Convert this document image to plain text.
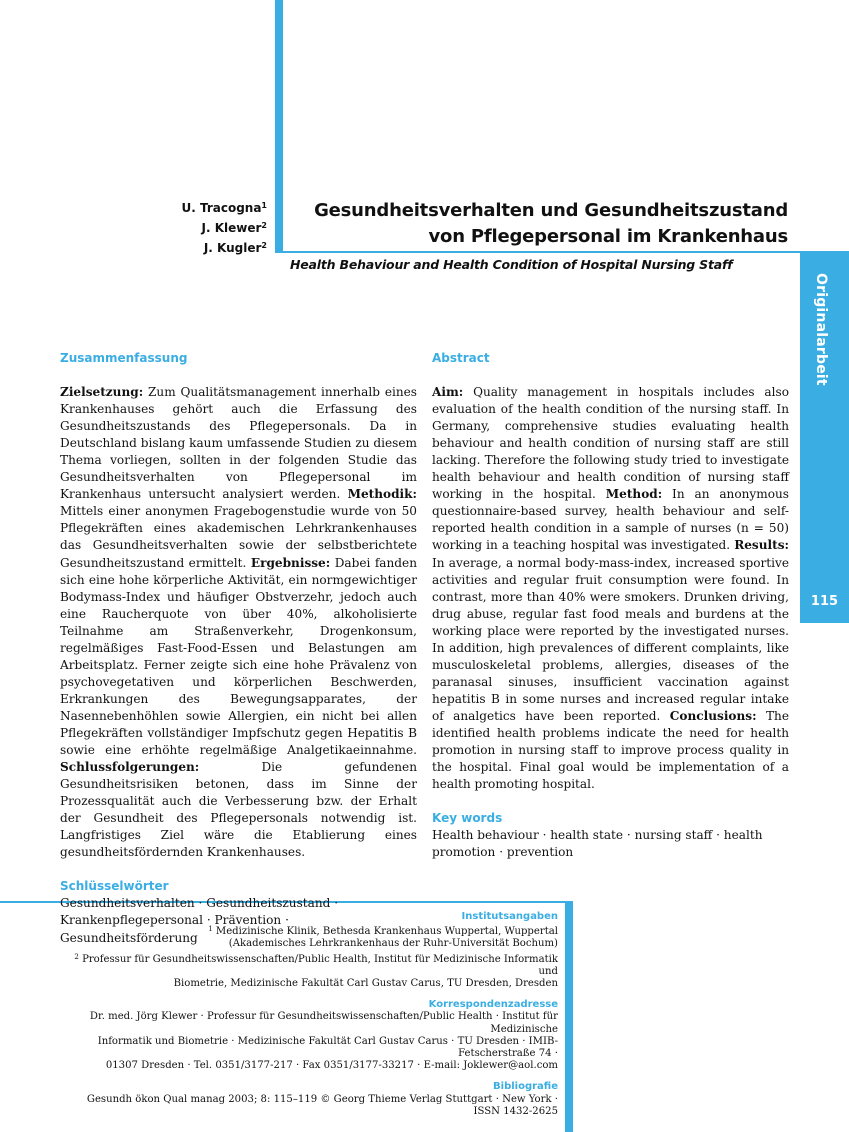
Originalarbeit
115
U. Tracogna$^1$
J. Klewer$^2$
J. Kugler$^2$
Gesundheitsverhalten und Gesundheitszustand
von Pflegepersonal im Krankenhaus
Health Behaviour and Health Condition of Hospital Nursing Staff
Zusammenfassung

Zielsetzung: Zum Qualitätsmanagement innerhalb eines Krankenhauses gehört auch die Erfassung des Gesundheitszustands des Pflegepersonals. Da in Deutschland bislang kaum umfassende Studien zu diesem Thema vorliegen, sollten in der folgenden Studie das Gesundheitsverhalten von Pflegepersonal im Krankenhaus untersucht analysiert werden. Methodik: Mittels einer anonymen Fragebogenstudie wurde von 50 Pflegekräften eines akademischen Lehrkrankenhauses das Gesundheitsverhalten sowie der selbstberichtete Gesundheitszustand ermittelt. Ergebnisse: Dabei fanden sich eine hohe körperliche Aktivität, ein normgewichtiger Bodymass-Index und häufiger Obstverzehr, jedoch auch eine Raucherquote von über 40%, alkoholisierte Teilnahme am Straßenverkehr, Drogenkonsum, regelmäßiges Fast-Food-Essen und Belastungen am Arbeitsplatz. Ferner zeigte sich eine hohe Prävalenz von psychovegetativen und körperlichen Beschwerden, Erkrankungen des Bewegungsapparates, der Nasennebenhöhlen sowie Allergien, ein nicht bei allen Pflegekräften vollständiger Impfschutz gegen Hepatitis B sowie eine erhöhte regelmäßige Analgetikaeinnahme. Schlussfolgerungen: Die gefundenen Gesundheitsrisiken betonen, dass im Sinne der Prozessqualität auch die Verbesserung bzw. der Erhalt der Gesundheit des Pflegepersonals notwendig ist. Langfristiges Ziel wäre die Etablierung eines gesundheitsfördernden Krankenhauses.

Schlüsselwörter

Gesundheitsverhalten · Gesundheitszustand · Krankenpflegepersonal · Prävention · Gesundheitsförderung

Abstract

Aim: Quality management in hospitals includes also evaluation of the health condition of the nursing staff. In Germany, comprehensive studies evaluating health behaviour and health condition of nursing staff are still lacking. Therefore the following study tried to investigate health behaviour and health condition of nursing staff working in the hospital. Method: In an anonymous questionnaire-based survey, health behaviour and self-reported health condition in a sample of nurses (n = 50) working in a teaching hospital was investigated. Results: In average, a normal body-mass-index, increased sportive activities and regular fruit consumption were found. In contrast, more than 40% were smokers. Drunken driving, drug abuse, regular fast food meals and burdens at the working place were reported by the investigated nurses. In addition, high prevalences of different complaints, like musculoskeletal problems, allergies, diseases of the paranasal sinuses, insufficient vaccination against hepatitis B in some nurses and increased regular intake of analgetics have been reported. Conclusions: The identified health problems indicate the need for health promotion in nursing staff to improve process quality in the hospital. Final goal would be implementation of a health promoting hospital.

Key words

Health behaviour · health state · nursing staff · health promotion · prevention

Institutsangaben
$^1$ Medizinische Klinik, Bethesda Krankenhaus Wuppertal, Wuppertal
(Akademisches Lehrkrankenhaus der Ruhr-Universität Bochum)
$^2$ Professur für Gesundheitswissenschaften/Public Health, Institut für Medizinische Informatik und
Biometrie, Medizinische Fakultät Carl Gustav Carus, TU Dresden, Dresden
Korrespondenzadresse
Dr. med. Jörg Klewer · Professur für Gesundheitswissenschaften/Public Health · Institut für Medizinische
Informatik und Biometrie · Medizinische Fakultät Carl Gustav Carus · TU Dresden · IMIB-Fetscherstraße 74 ·
01307 Dresden · Tel. 0351/3177-217 · Fax 0351/3177-33217 · E-mail: Joklewer@aol.com
Bibliografie
Gesundh ökon Qual manag 2003; 8: 115–119 © Georg Thieme Verlag Stuttgart · New York · ISSN 1432-2625
